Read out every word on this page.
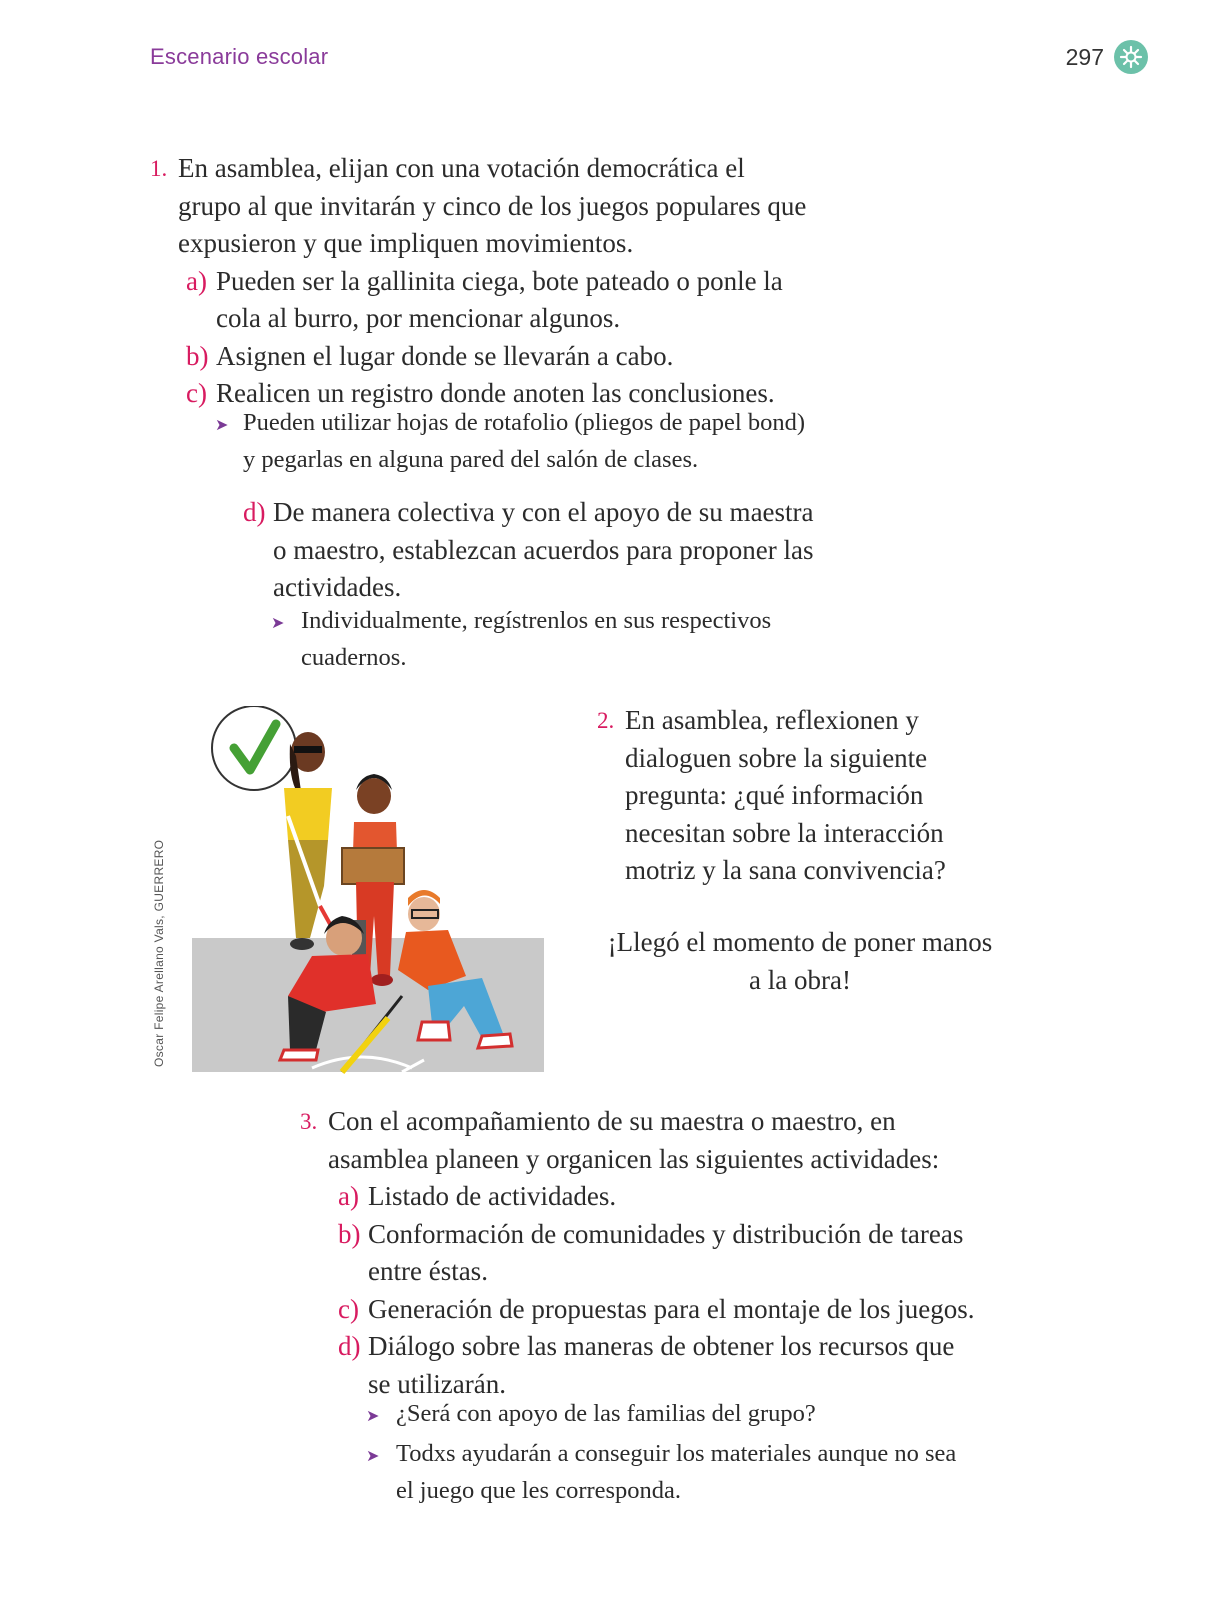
Escenario escolar	297
1. En asamblea, elijan con una votación democrática el
grupo al que invitarán y cinco de los juegos populares que
expusieron y que impliquen movimientos.
a) Pueden ser la gallinita ciega, bote pateado o ponle la
cola al burro, por mencionar algunos.
b) Asignen el lugar donde se llevarán a cabo.
c) Realicen un registro donde anoten las conclusiones.
➤ Pueden utilizar hojas de rotafolio (pliegos de papel bond)
y pegarlas en alguna pared del salón de clases.
d) De manera colectiva y con el apoyo de su maestra
o maestro, establezcan acuerdos para proponer las
actividades.
➤ Individualmente, regístrenlos en sus respectivos
cuadernos.
Oscar Felipe Arellano Vals, GUERRERO
2. En asamblea, reflexionen y
dialoguen sobre la siguiente
pregunta: ¿qué información
necesitan sobre la interacción
motriz y la sana convivencia?
¡Llegó el momento de poner manos
a la obra!
3. Con el acompañamiento de su maestra o maestro, en
asamblea planeen y organicen las siguientes actividades:
a) Listado de actividades.
b) Conformación de comunidades y distribución de tareas
entre éstas.
c) Generación de propuestas para el montaje de los juegos.
d) Diálogo sobre las maneras de obtener los recursos que
se utilizarán.
➤ ¿Será con apoyo de las familias del grupo?
➤ Todxs ayudarán a conseguir los materiales aunque no sea
el juego que les corresponda.
